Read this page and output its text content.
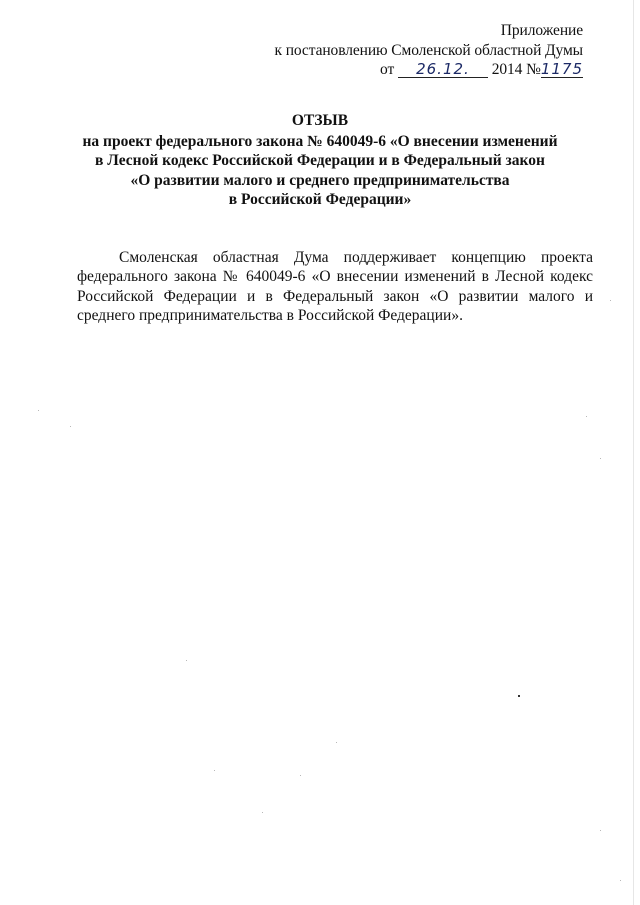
Приложение
к постановлению Смоленской областной Думы
от 26.12. 2014 №1175
ОТЗЫВ
на проект федерального закона № 640049-6 «О внесении изменений
в Лесной кодекс Российской Федерации и в Федеральный закон
«О развитии малого и среднего предпринимательства
в Российской Федерации»

Смоленская областная Дума поддерживает концепцию проекта федерального закона № 640049-6 «О внесении изменений в Лесной кодекс Российской Федерации и в Федеральный закон «О развитии малого и среднего предпринимательства в Российской Федерации».
